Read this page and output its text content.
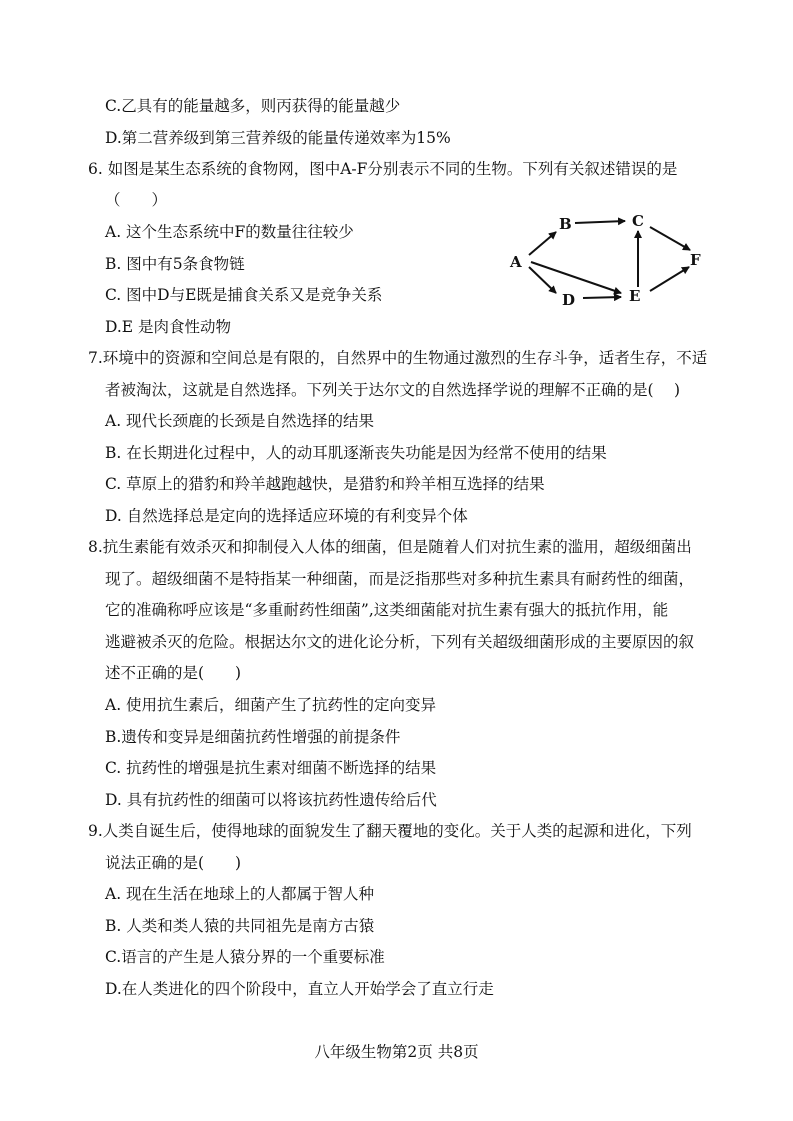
C.乙具有的能量越多，则丙获得的能量越少
D.第二营养级到第三营养级的能量传递效率为15%
6. 如图是某生态系统的食物网，图中A-F分别表示不同的生物。下列有关叙述错误的是
（　　）
A. 这个生态系统中F的数量往往较少
B. 图中有5条食物链
C. 图中D与E既是捕食关系又是竞争关系
D.E 是肉食性动物
A
B	C
D	E
F
7.环境中的资源和空间总是有限的，自然界中的生物通过激烈的生存斗争，适者生存，不适
者被淘汰，这就是自然选择。下列关于达尔文的自然选择学说的理解不正确的是(　 )
A. 现代长颈鹿的长颈是自然选择的结果
B. 在长期进化过程中，人的动耳肌逐渐丧失功能是因为经常不使用的结果
C. 草原上的猎豹和羚羊越跑越快，是猎豹和羚羊相互选择的结果
D. 自然选择总是定向的选择适应环境的有利变异个体
8.抗生素能有效杀灭和抑制侵入人体的细菌，但是随着人们对抗生素的滥用，超级细菌出
现了。超级细菌不是特指某一种细菌，而是泛指那些对多种抗生素具有耐药性的细菌，
它的准确称呼应该是“多重耐药性细菌”,这类细菌能对抗生素有强大的抵抗作用，能
逃避被杀灭的危险。根据达尔文的进化论分析，下列有关超级细菌形成的主要原因的叙
述不正确的是(　　)
A. 使用抗生素后，细菌产生了抗药性的定向变异
B.遗传和变异是细菌抗药性增强的前提条件
C. 抗药性的增强是抗生素对细菌不断选择的结果
D. 具有抗药性的细菌可以将该抗药性遗传给后代
9.人类自诞生后，使得地球的面貌发生了翻天覆地的变化。关于人类的起源和进化，下列
说法正确的是(　　)
A. 现在生活在地球上的人都属于智人种
B. 人类和类人猿的共同祖先是南方古猿
C.语言的产生是人猿分界的一个重要标准
D.在人类进化的四个阶段中，直立人开始学会了直立行走
八年级生物第2页 共8页
